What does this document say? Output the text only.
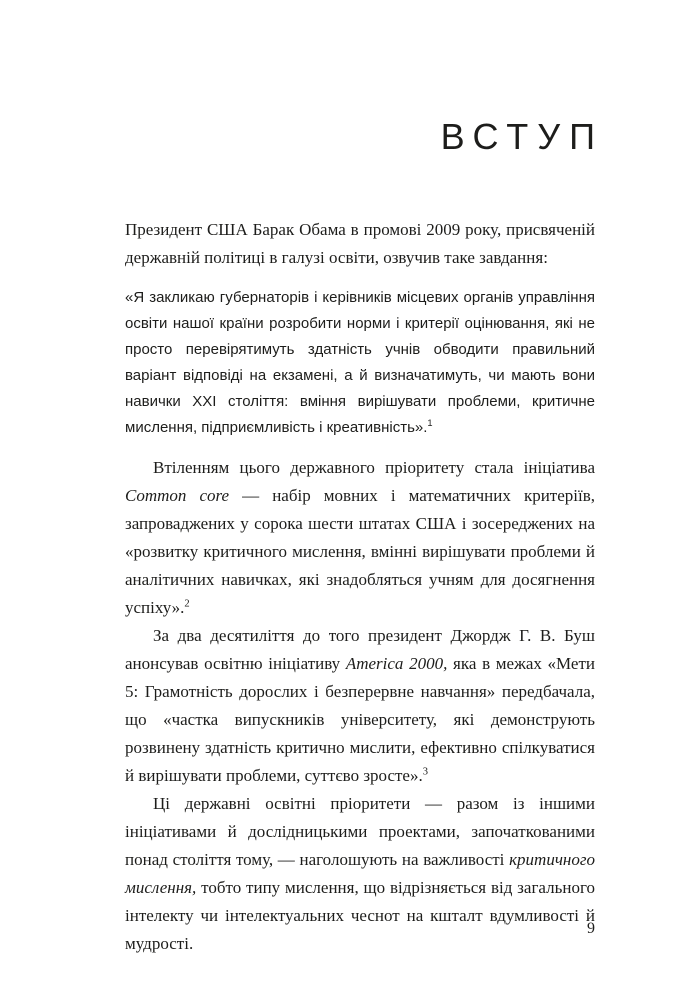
ВСТУП

Президент США Барак Обама в промові 2009 року, присвяченій державній політиці в галузі освіти, озвучив таке завдання:

«Я закликаю губернаторів і керівників місцевих органів управління освіти нашої країни розробити норми і критерії оцінювання, які не просто перевірятимуть здатність учнів обводити правильний варіант відповіді на екзамені, а й визначатимуть, чи мають вони навички XXI століття: вміння вирішувати проблеми, критичне мислення, підприємливість і креативність».$^1$

Втіленням цього державного пріоритету стала ініціатива Common core — набір мовних і математичних критеріїв, запроваджених у сорока шести штатах США і зосереджених на «розвитку критичного мислення, вмінні вирішувати проблеми й аналітичних навичках, які знадобляться учням для досягнення успіху».$^2$

За два десятиліття до того президент Джордж Г. В. Буш анонсував освітню ініціативу America 2000, яка в межах «Мети 5: Грамотність дорослих і безперервне навчання» передбачала, що «частка випускників університету, які демонструють розвинену здатність критично мислити, ефективно спілкуватися й вирішувати проблеми, суттєво зросте».$^3$

Ці державні освітні пріоритети — разом із іншими ініціативами й дослідницькими проектами, започаткованими понад століття тому, — наголошують на важливості критичного мислення, тобто типу мислення, що відрізняється від загального інтелекту чи інтелектуальних чеснот на кшталт вдумливості й мудрості.

9
